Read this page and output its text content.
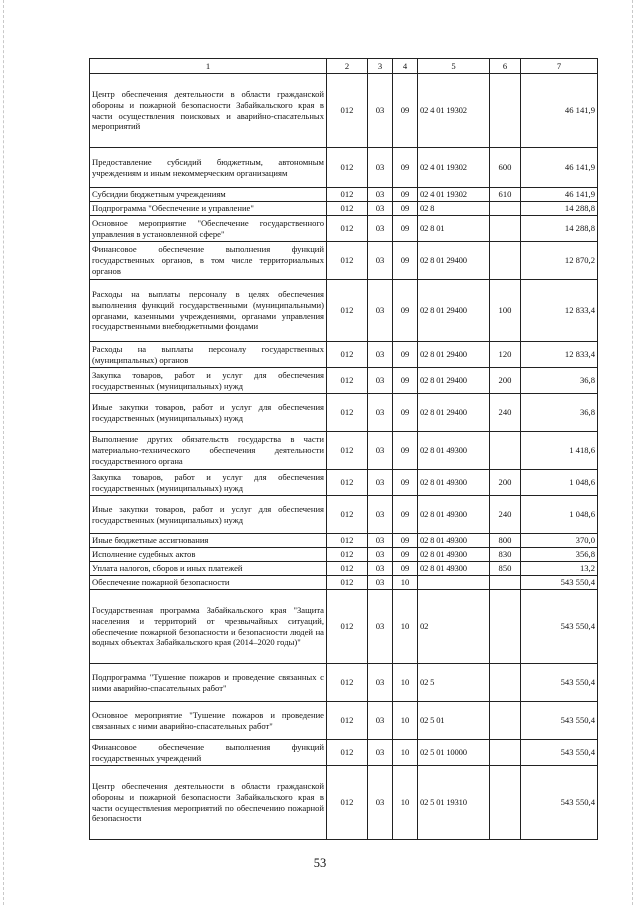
1	2	3	4	5	6	7
Центр обеспечения деятельности в области гражданской обороны и пожарной безопасности Забайкальского края в части осуществления поисковых и аварийно-спасательных мероприятий	012	03	09	02 4 01 19302		46 141,9
Предоставление субсидий бюджетным, автономным учреждениям и иным некоммерческим организациям	012	03	09	02 4 01 19302	600	46 141,9
Субсидии бюджетным учреждениям	012	03	09	02 4 01 19302	610	46 141,9
Подпрограмма "Обеспечение и управление"	012	03	09	02 8		14 288,8
Основное мероприятие "Обеспечение государственного управления в установленной сфере"	012	03	09	02 8 01		14 288,8
Финансовое обеспечение выполнения функций государственных органов, в том числе территориальных органов	012	03	09	02 8 01 29400		12 870,2
Расходы на выплаты персоналу в целях обеспечения выполнения функций государственными (муниципальными) органами, казенными учреждениями, органами управления государственными внебюджетными фондами	012	03	09	02 8 01 29400	100	12 833,4
Расходы на выплаты персоналу государственных (муниципальных) органов	012	03	09	02 8 01 29400	120	12 833,4
Закупка товаров, работ и услуг для обеспечения государственных (муниципальных) нужд	012	03	09	02 8 01 29400	200	36,8
Иные закупки товаров, работ и услуг для обеспечения государственных (муниципальных) нужд	012	03	09	02 8 01 29400	240	36,8
Выполнение других обязательств государства в части материально-технического обеспечения деятельности государственного органа	012	03	09	02 8 01 49300		1 418,6
Закупка товаров, работ и услуг для обеспечения государственных (муниципальных) нужд	012	03	09	02 8 01 49300	200	1 048,6
Иные закупки товаров, работ и услуг для обеспечения государственных (муниципальных) нужд	012	03	09	02 8 01 49300	240	1 048,6
Иные бюджетные ассигнования	012	03	09	02 8 01 49300	800	370,0
Исполнение судебных актов	012	03	09	02 8 01 49300	830	356,8
Уплата налогов, сборов и иных платежей	012	03	09	02 8 01 49300	850	13,2
Обеспечение пожарной безопасности	012	03	10			543 550,4
Государственная программа Забайкальского края "Защита населения и территорий от чрезвычайных ситуаций, обеспечение пожарной безопасности и безопасности людей на водных объектах Забайкальского края (2014–2020 годы)"	012	03	10	02		543 550,4
Подпрограмма "Тушение пожаров и проведение связанных с ними аварийно-спасательных работ"	012	03	10	02 5		543 550,4
Основное мероприятие "Тушение пожаров и проведение связанных с ними аварийно-спасательных работ"	012	03	10	02 5 01		543 550,4
Финансовое обеспечение выполнения функций государственных учреждений	012	03	10	02 5 01 10000		543 550,4
Центр обеспечения деятельности в области гражданской обороны и пожарной безопасности Забайкальского края в части осуществления мероприятий по обеспечению пожарной безопасности	012	03	10	02 5 01 19310		543 550,4
53
